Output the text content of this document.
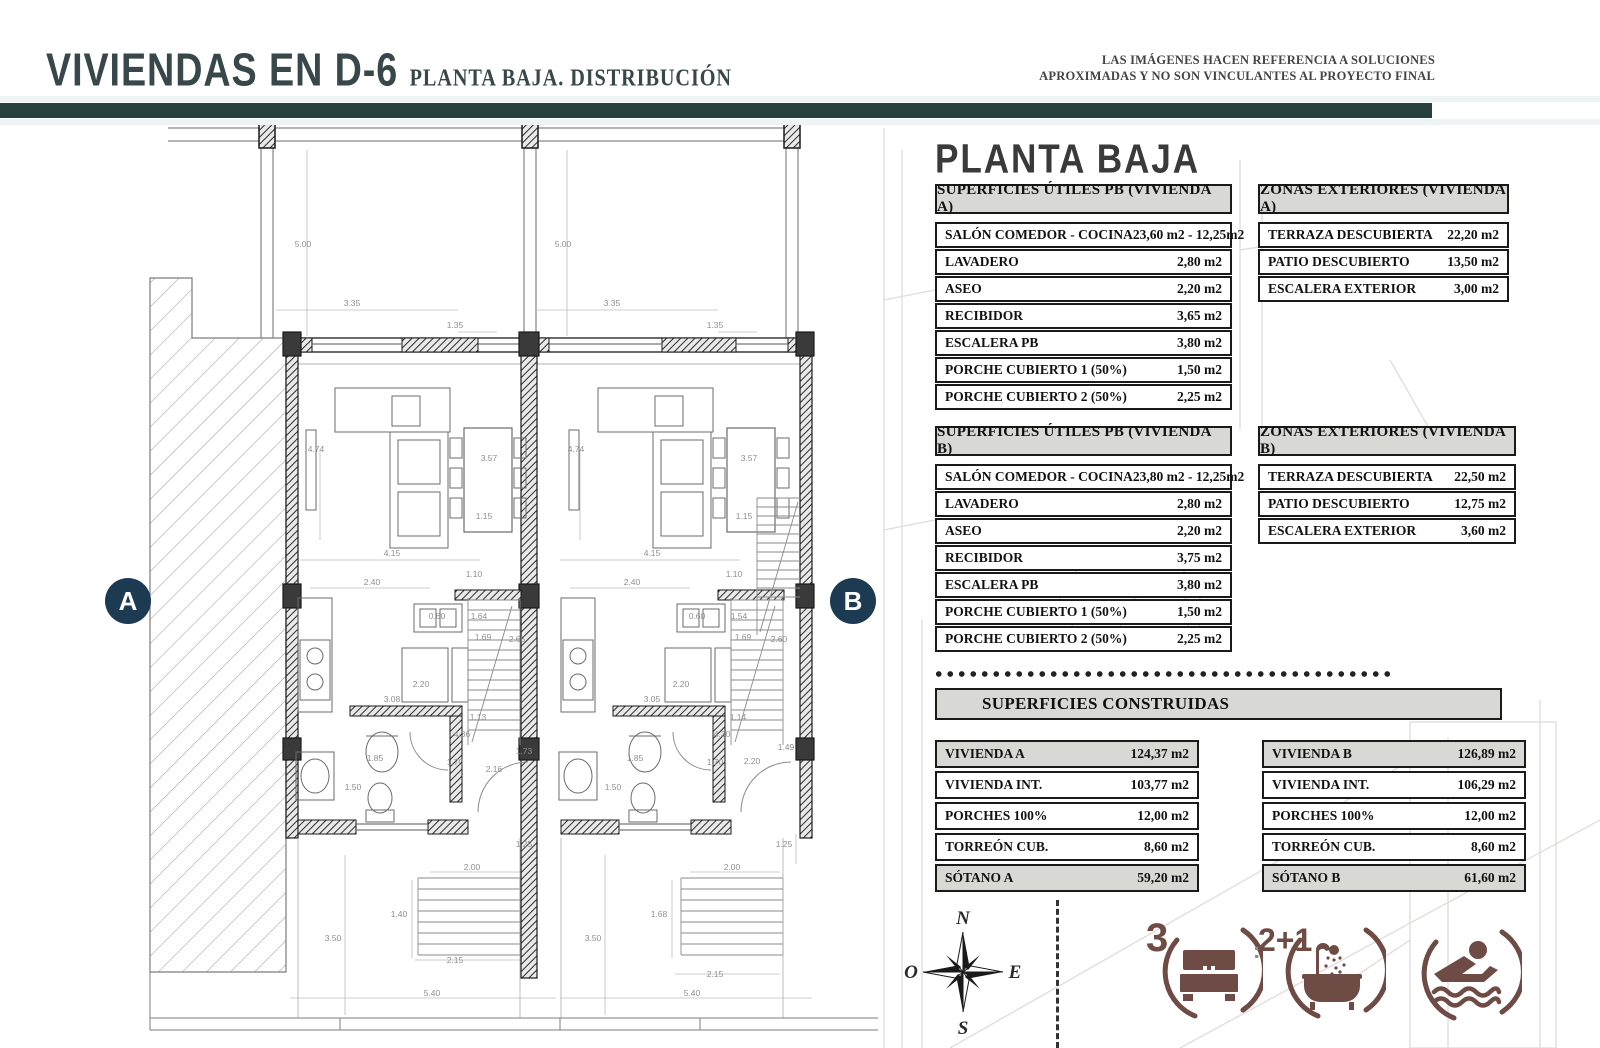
5.00	5.00
3.35	3.35
1.35	1.35
4.74	4.74
3.57	3.57
1.15	1.15
4.15	4.15
1.10	1.10
2.40	2.40
0.60	0.60
1.64	1.54
1.69	1.69
2.65	2.60
2.20	2.20
3.08	3.05
1.13	1.14
4.36	4.30
1.73	1.49
2.16
2.20
1.85	1.85
1.70	1.70
1.50	1.50
1.25	1.25
2.00	2.00
1.40	1.68
3.50	3.50
2.15
2.15
5.40	5.40
VIVIENDAS EN D-6 PLANTA BAJA. DISTRIBUCIÓN
LAS IMÁGENES HACEN REFERENCIA A SOLUCIONES
APROXIMADAS Y NO SON VINCULANTES AL PROYECTO FINAL
PLANTA BAJA
SUPERFICIES ÚTILES PB (VIVIENDA A)
SALÓN COMEDOR - COCINA 23,60 m2 - 12,25m2
LAVADERO	2,80 m2
ASEO	2,20 m2
RECIBIDOR	3,65 m2
ESCALERA PB	3,80 m2
PORCHE CUBIERTO 1 (50%)	1,50 m2
PORCHE CUBIERTO 2 (50%)	2,25 m2
ZONAS EXTERIORES (VIVIENDA A)
TERRAZA DESCUBIERTA 22,20 m2
PATIO DESCUBIERTO	13,50 m2
ESCALERA EXTERIOR	3,00 m2
SUPERFICIES ÚTILES PB (VIVIENDA B)
SALÓN COMEDOR - COCINA 23,80 m2 - 12,25m2
LAVADERO	2,80 m2
ASEO	2,20 m2
RECIBIDOR	3,75 m2
ESCALERA PB	3,80 m2
PORCHE CUBIERTO 1 (50%)	1,50 m2
PORCHE CUBIERTO 2 (50%)	2,25 m2
ZONAS EXTERIORES (VIVIENDA B)
TERRAZA DESCUBIERTA 22,50 m2
PATIO DESCUBIERTO	12,75 m2
ESCALERA EXTERIOR	3,60 m2
SUPERFICIES CONSTRUIDAS
VIVIENDA A	124,37 m2
VIVIENDA INT.	103,77 m2
PORCHES 100%	12,00 m2
TORREÓN CUB.	8,60 m2
SÓTANO A	59,20 m2
VIVIENDA B	126,89 m2
VIVIENDA INT.	106,29 m2
PORCHES 100%	12,00 m2
TORREÓN CUB.	8,60 m2
SÓTANO B	61,60 m2
A	B
N
E
S
O
3	:
2+1
